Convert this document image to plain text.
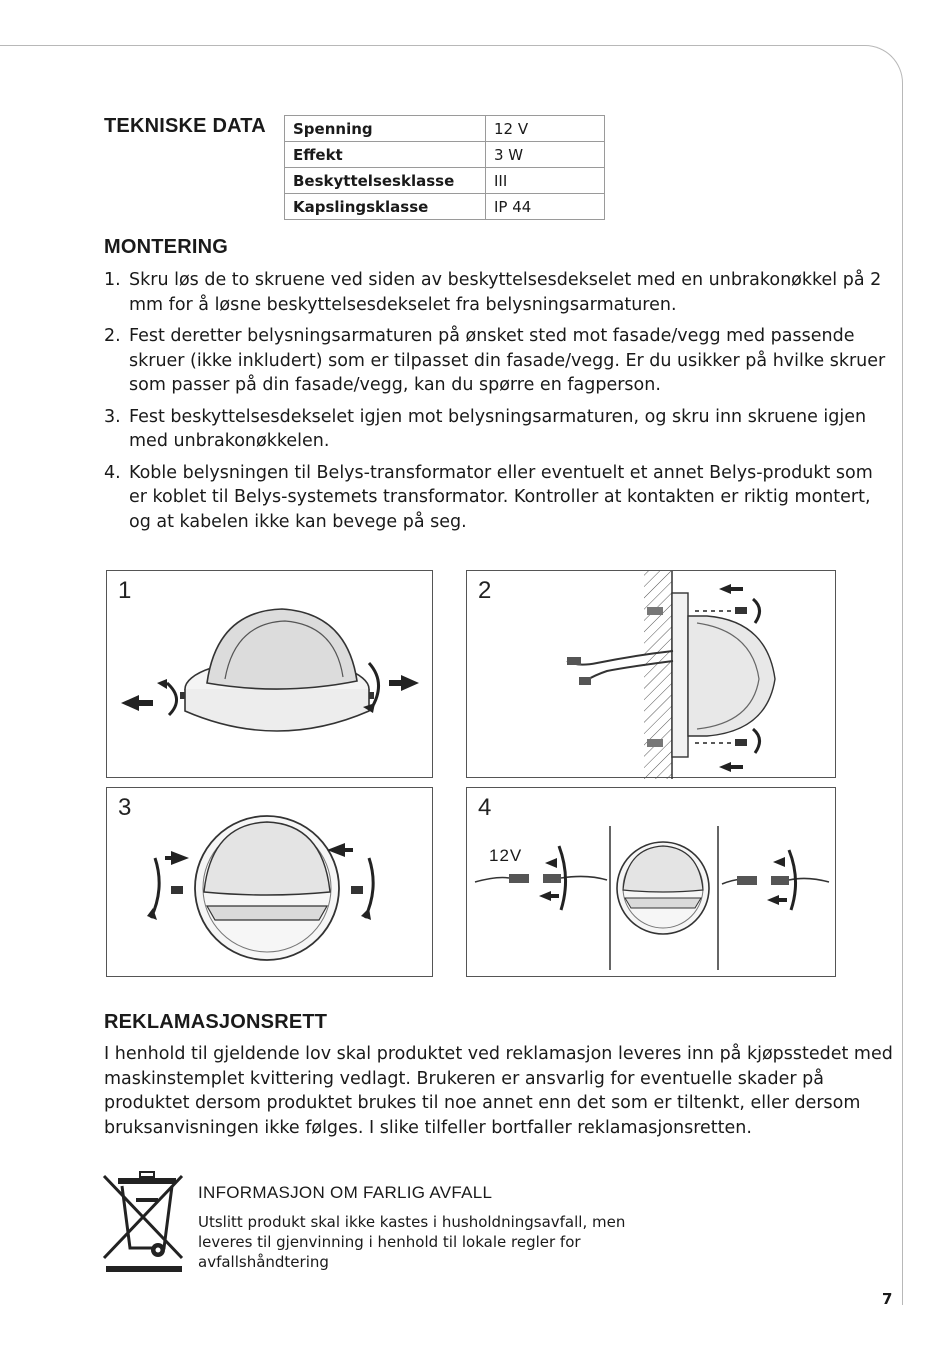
TEKNISKE DATA Spenning	12 V
Effekt	3 W
Beskyttelsesklasse	III
Kapslingsklasse	IP 44
MONTERING
1. Skru løs de to skruene ved siden av beskyttelsesdekselet med en unbrakonøkkel på 2 mm for å løsne beskyttelsesdekselet fra belysningsarmaturen.
2. Fest deretter belysningsarmaturen på ønsket sted mot fasade/vegg med passende skruer (ikke inkludert) som er tilpasset din fasade/vegg. Er du usikker på hvilke skruer som passer på din fasade/vegg, kan du spørre en fagperson.
3. Fest beskyttelsesdekselet igjen mot belysningsarmaturen, og skru inn skruene igjen med unbrakonøkkelen.
4. Koble belysningen til Belys-transformator eller eventuelt et annet Belys-produkt som er koblet til Belys-systemets transformator. Kontroller at kontakten er riktig montert, og at kabelen ikke kan bevege på seg.
1	2
3	4
12V
REKLAMASJONSRETT

I henhold til gjeldende lov skal produktet ved reklamasjon leveres inn på kjøpsstedet med maskinstemplet kvittering vedlagt. Brukeren er ansvarlig for eventuelle skader på produktet dersom produktet brukes til noe annet enn det som er tiltenkt, eller dersom bruksanvisningen ikke følges. I slike tilfeller bortfaller reklamasjonsretten.

INFORMASJON OM FARLIG AVFALL

Utslitt produkt skal ikke kastes i husholdningsavfall, men leveres til gjenvinning i henhold til lokale regler for avfallshåndtering

7
